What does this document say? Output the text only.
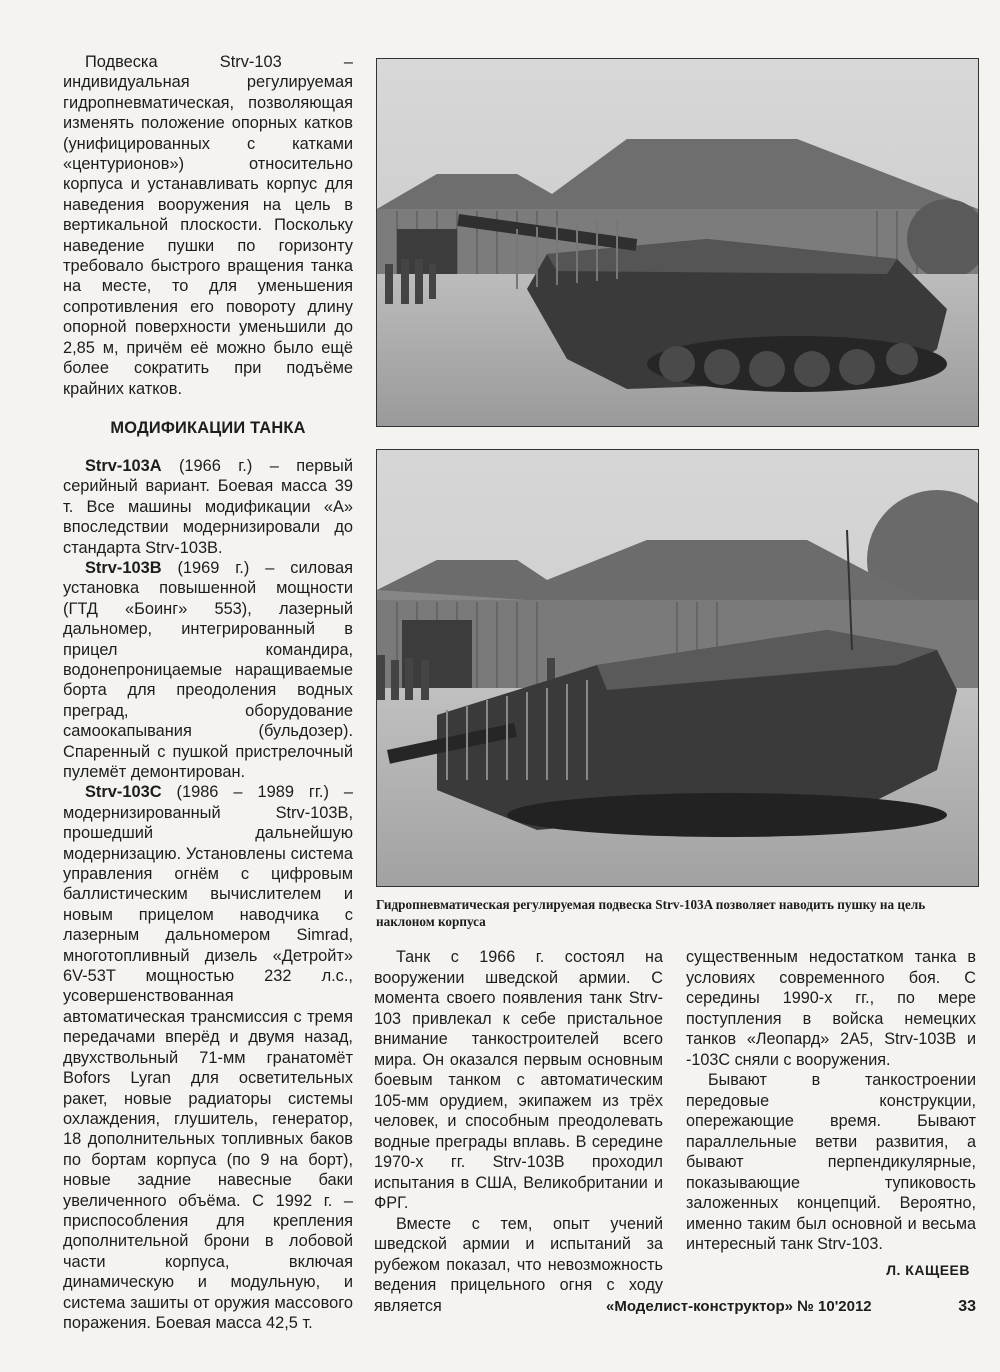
Подвеска Strv-103 – индивидуальная регулируемая гидропневматическая, позволяющая изменять положение опорных катков (унифицированных с катками «центурионов») относительно корпуса и устанавливать корпус для наведения вооружения на цель в вертикальной плоскости. Поскольку наведение пушки по горизонту требовало быстрого вращения танка на месте, то для уменьшения сопротивления его повороту длину опорной поверхности уменьшили до 2,85 м, причём её можно было ещё более сократить при подъёме крайних катков.

МОДИФИКАЦИИ ТАНКА

Strv-103A (1966 г.) – первый серийный вариант. Боевая масса 39 т. Все машины модификации «А» впоследствии модернизировали до стандарта Strv-103B.

Strv-103B (1969 г.) – силовая установка повышенной мощности (ГТД «Боинг» 553), лазерный дальномер, интегрированный в прицел командира, водонепроницаемые наращиваемые борта для преодоления водных преград, оборудование самоокапывания (бульдозер). Спаренный с пушкой пристрелочный пулемёт демонтирован.

Strv-103C (1986 – 1989 гг.) – модернизированный Strv-103B, прошедший дальнейшую модернизацию. Установлены система управления огнём с цифровым баллистическим вычислителем и новым прицелом наводчика с лазерным дальномером Simrad, многотопливный дизель «Детройт» 6V-53T мощностью 232 л.с., усовершенствованная автоматическая трансмиссия с тремя передачами вперёд и двумя назад, двухствольный 71-мм гранатомёт Bofors Lyran для осветительных ракет, новые радиаторы системы охлаждения, глушитель, генератор, 18 дополнительных топливных баков по бортам корпуса (по 9 на борт), новые задние навесные баки увеличенного объёма. С 1992 г. – приспособления для крепления дополнительной брони в лобовой части корпуса, включая динамическую и модульную, и система зашиты от оружия массового поражения. Боевая масса 42,5 т.

Гидропневматическая регулируемая подвеска Strv-103A позволяет наводить пушку на цель наклоном корпуса

Танк с 1966 г. состоял на вооружении шведской армии. С момента своего появления танк Strv-103 привлекал к себе пристальное внимание танкостроителей всего мира. Он оказался первым основным боевым танком с автоматическим 105-мм орудием, экипажем из трёх человек, и способным преодолевать водные преграды вплавь. В середине 1970-х гг. Strv-103B проходил испытания в США, Великобритании и ФРГ.

Вместе с тем, опыт учений шведской армии и испытаний за рубежом показал, что невозможность ведения прицельного огня с ходу является

существенным недостатком танка в условиях современного боя. С середины 1990-х гг., по мере поступления в войска немецких танков «Леопард» 2A5, Strv-103B и -103C сняли с вооружения.

Бывают в танкостроении передовые конструкции, опережающие время. Бывают параллельные ветви развития, а бывают перпендикулярные, показывающие тупиковость заложенных концепций. Вероятно, именно таким был основной и весьма интересный танк Strv-103.

Л. КАЩЕЕВ
«Моделист-конструктор» № 10'2012	33
